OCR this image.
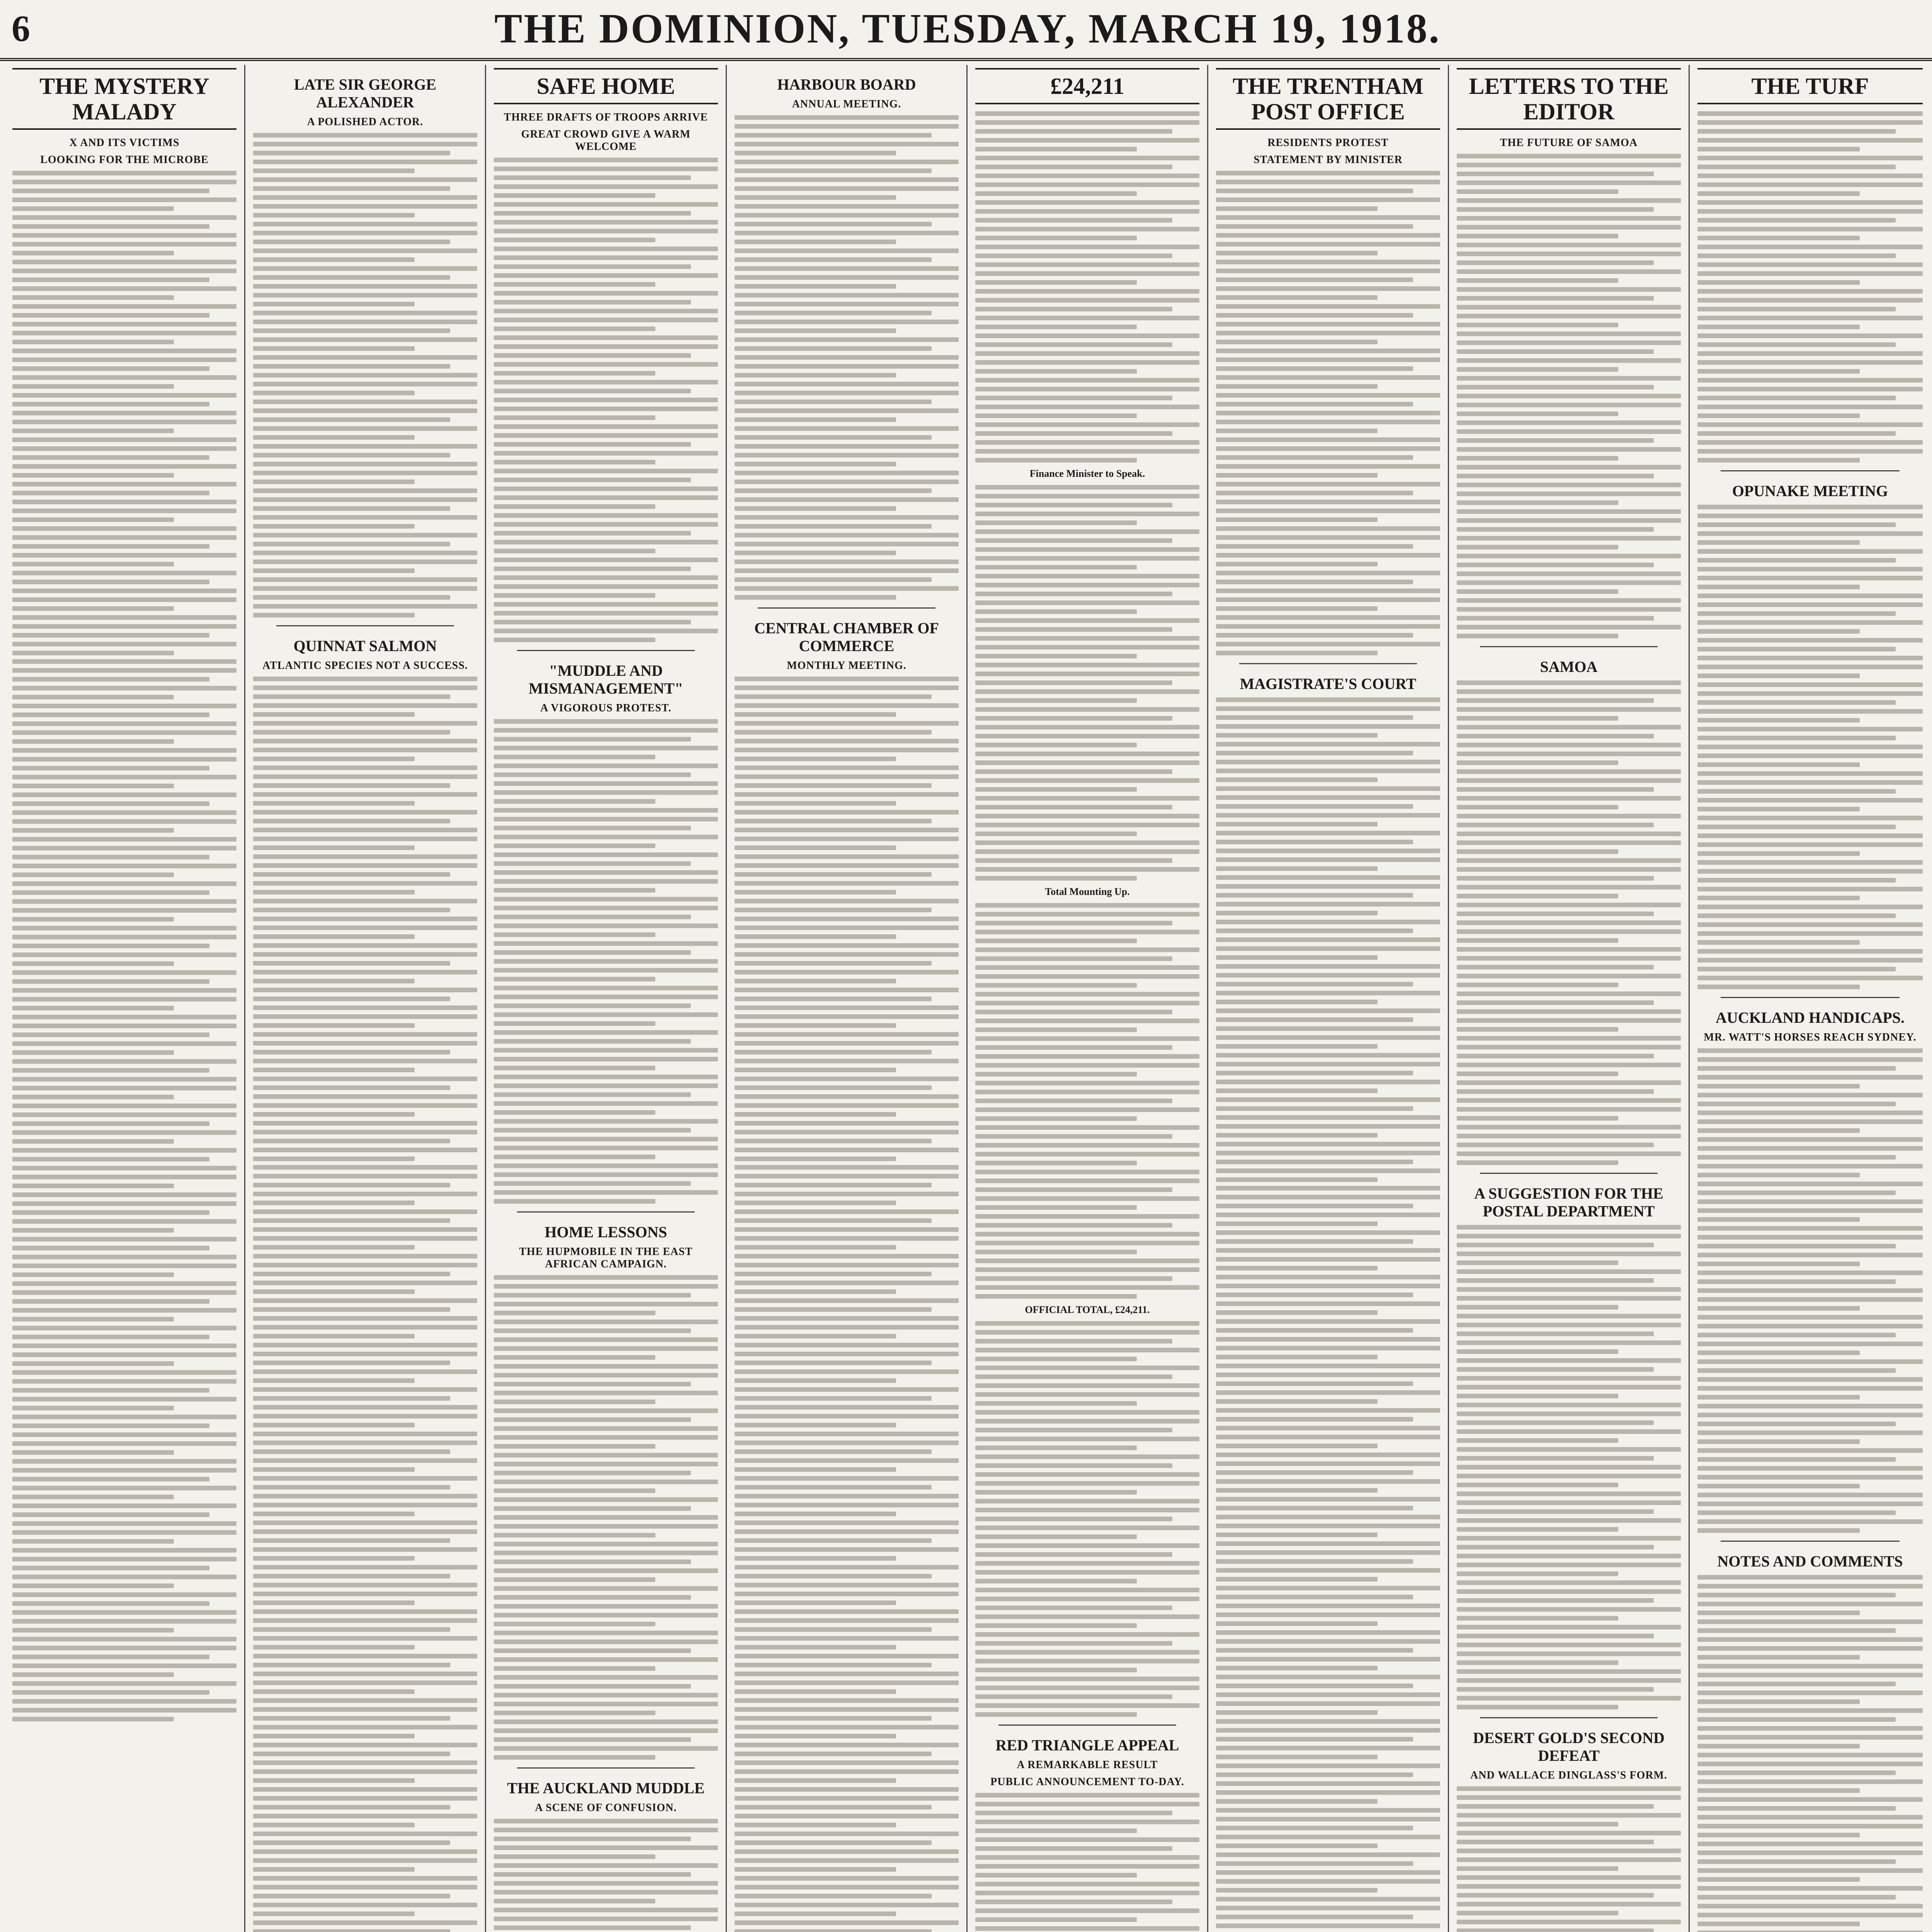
6	THE DOMINION, TUESDAY, MARCH 19, 1918.
THE MYSTERY MALADY
X AND ITS VICTIMS
LOOKING FOR THE MICROBE
LATE SIR GEORGE ALEXANDER
A POLISHED ACTOR.
QUINNAT SALMON
ATLANTIC SPECIES NOT A SUCCESS.
SAFE HOME
THREE DRAFTS OF TROOPS ARRIVE
GREAT CROWD GIVE A WARM WELCOME
"MUDDLE AND MISMANAGEMENT"
A VIGOROUS PROTEST.
HOME LESSONS
THE HUPMOBILE IN THE EAST AFRICAN CAMPAIGN.
THE AUCKLAND MUDDLE
A SCENE OF CONFUSION.
HARBOUR BOARD
ANNUAL MEETING.
CENTRAL CHAMBER OF COMMERCE
MONTHLY MEETING.
£24,211
Finance Minister to Speak.
Total Mounting Up.
OFFICIAL TOTAL, £24,211.
RED TRIANGLE APPEAL
A REMARKABLE RESULT
PUBLIC ANNOUNCEMENT TO-DAY.
THE TRENTHAM POST OFFICE
RESIDENTS PROTEST
STATEMENT BY MINISTER
MAGISTRATE'S COURT
LETTERS TO THE EDITOR
THE FUTURE OF SAMOA
SAMOA
A SUGGESTION FOR THE POSTAL DEPARTMENT
DESERT GOLD'S SECOND DEFEAT
AND WALLACE DINGLASS'S FORM.
THE TURF
OPUNAKE MEETING
AUCKLAND HANDICAPS.
MR. WATT'S HORSES REACH SYDNEY.
NOTES AND COMMENTS
